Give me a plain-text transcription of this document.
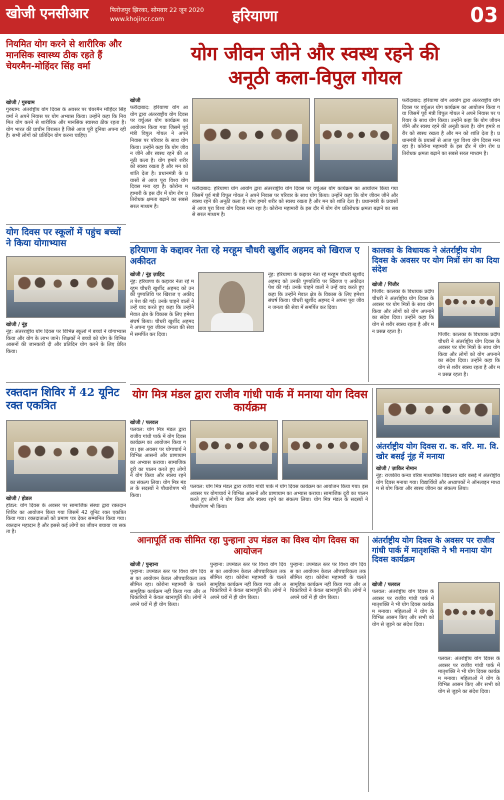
खोजी एनसीआर	फिरोजपुर झिरका, सोमवार 22 जून 2020
www.khojincr.com	हरियाणा	03
योग जीवन जीने और स्वस्थ रहने की
अनूठी कला-विपुल गोयल
खोजी
फरीदाबाद: हरियाणा योग आयोग द्वारा अंतरराष्ट्रीय योग दिवस पर वर्चुअल योग कार्यक्रम का आयोजन किया गया जिसमें पूर्व मंत्री विपुल गोयल ने अपने निवास पर परिवार के साथ योग किया। उन्होंने कहा कि योग जीवन जीने और स्वस्थ रहने की अनूठी कला है। योग हमारे शरीर को स्वस्थ रखता है और मन को शांति देता है। प्रधानमंत्री के प्रयासों से आज पूरा विश्व योग दिवस मना रहा है। कोरोना महामारी के इस दौर में योग रोग प्रतिरोधक क्षमता बढ़ाने का सबसे सरल माध्यम है।
फरीदाबाद: हरियाणा योग आयोग द्वारा अंतरराष्ट्रीय योग दिवस पर वर्चुअल योग कार्यक्रम का आयोजन किया गया जिसमें पूर्व मंत्री विपुल गोयल ने अपने निवास पर परिवार के साथ योग किया। उन्होंने कहा कि योग जीवन जीने और स्वस्थ रहने की अनूठी कला है। योग हमारे शरीर को स्वस्थ रखता है और मन को शांति देता है। प्रधानमंत्री के प्रयासों से आज पूरा विश्व योग दिवस मना रहा है। कोरोना महामारी के इस दौर में योग रोग प्रतिरोधक क्षमता बढ़ाने का सबसे सरल माध्यम है।
फरीदाबाद: हरियाणा योग आयोग द्वारा अंतरराष्ट्रीय योग दिवस पर वर्चुअल योग कार्यक्रम का आयोजन किया गया जिसमें पूर्व मंत्री विपुल गोयल ने अपने निवास पर परिवार के साथ योग किया। उन्होंने कहा कि योग जीवन जीने और स्वस्थ रहने की अनूठी कला है। योग हमारे शरीर को स्वस्थ रखता है और मन को शांति देता है। प्रधानमंत्री के प्रयासों से आज पूरा विश्व योग दिवस मना रहा है। कोरोना महामारी के इस दौर में योग रोग प्रतिरोधक क्षमता बढ़ाने का सबसे सरल माध्यम है।
नियमित योग करने से शारीरिक और मानसिक स्वास्थ्य ठीक रहते हैं चेयरमैन-मोहिंदर सिंह वर्मा
खोजी / गुरुग्राम
गुरुग्राम: अंतर्राष्ट्रीय योग दिवस के अवसर पर चेयरमैन मोहिंदर सिंह वर्मा ने अपने निवास पर योग अभ्यास किया। उन्होंने कहा कि नियमित योग करने से शारीरिक और मानसिक स्वास्थ्य ठीक रहता है। योग भारत की प्राचीन विरासत है जिसे आज पूरी दुनिया अपना रही है। सभी लोगों को प्रतिदिन योग करना चाहिए।
योग दिवस पर स्कूलों में पहुंच बच्चों ने किया योगाभ्यास
खोजी / नूंह
नूंह: अंतरराष्ट्रीय योग दिवस पर विभिन्न स्कूलों में बच्चों ने योगाभ्यास किया और योग के लाभ जाने। शिक्षकों ने बच्चों को योग के विभिन्न आसनों की जानकारी दी और प्रतिदिन योग करने के लिए प्रेरित किया।
रक्तदान शिविर में 42 यूनिट रक्त एकत्रित
खोजी / होडल
होडल: योग दिवस के अवसर पर सामाजिक संस्था द्वारा रक्तदान शिविर का आयोजन किया गया जिसमें 42 यूनिट रक्त एकत्रित किया गया। रक्तदाताओं को प्रमाण पत्र देकर सम्मानित किया गया। रक्तदान महादान है और इससे कई लोगों का जीवन बचाया जा सकता है।
हरियाणा के कद्दावर नेता रहे मरहूम चौधरी खुर्शीद अहमद को खिराज ए अकीदत
खोजी / नूंह ज़ाहिद
नूंह: हरियाणा के कद्दावर नेता रहे मरहूम चौधरी खुर्शीद अहमद को उनकी पुण्यतिथि पर खिराज ए अकीदत पेश की गई। उनके चाहने वालों ने उन्हें याद करते हुए कहा कि उन्होंने मेवात क्षेत्र के विकास के लिए हमेशा संघर्ष किया। चौधरी खुर्शीद अहमद ने अपना पूरा जीवन जनता की सेवा में समर्पित कर दिया।
नूंह: हरियाणा के कद्दावर नेता रहे मरहूम चौधरी खुर्शीद अहमद को उनकी पुण्यतिथि पर खिराज ए अकीदत पेश की गई। उनके चाहने वालों ने उन्हें याद करते हुए कहा कि उन्होंने मेवात क्षेत्र के विकास के लिए हमेशा संघर्ष किया। चौधरी खुर्शीद अहमद ने अपना पूरा जीवन जनता की सेवा में समर्पित कर दिया।
कालका के विधायक ने अंतर्राष्ट्रीय योग दिवस के अवसर पर योग मित्रों संग का दिया संदेश
खोजी / पिंजौर
पिंजौर: कालका के विधायक प्रदीप चौधरी ने अंतर्राष्ट्रीय योग दिवस के अवसर पर योग मित्रों के साथ योग किया और लोगों को योग अपनाने का संदेश दिया। उन्होंने कहा कि योग से शरीर स्वस्थ रहता है और मन प्रसन्न रहता है।
पिंजौर: कालका के विधायक प्रदीप चौधरी ने अंतर्राष्ट्रीय योग दिवस के अवसर पर योग मित्रों के साथ योग किया और लोगों को योग अपनाने का संदेश दिया। उन्होंने कहा कि योग से शरीर स्वस्थ रहता है और मन प्रसन्न रहता है।
योग मित्र मंडल द्वारा राजीव गांधी पार्क में मनाया योग दिवस कार्यक्रम
खोजी / पलवल
पलवल: योग मित्र मंडल द्वारा राजीव गांधी पार्क में योग दिवस कार्यक्रम का आयोजन किया गया। इस अवसर पर योगाचार्य ने विभिन्न आसनों और प्राणायाम का अभ्यास कराया। सामाजिक दूरी का पालन करते हुए लोगों ने योग किया और स्वस्थ रहने का संकल्प लिया। योग मित्र मंडल के सदस्यों ने पौधारोपण भी किया।
पलवल: योग मित्र मंडल द्वारा राजीव गांधी पार्क में योग दिवस कार्यक्रम का आयोजन किया गया। इस अवसर पर योगाचार्य ने विभिन्न आसनों और प्राणायाम का अभ्यास कराया। सामाजिक दूरी का पालन करते हुए लोगों ने योग किया और स्वस्थ रहने का संकल्प लिया। योग मित्र मंडल के सदस्यों ने पौधारोपण भी किया।
अंतर्राष्ट्रीय योग दिवस रा. क. वरि. मा. वि. खोर बसई नूंह में मनाया
खोजी / ज़ाकिर नोमान
नूंह: राजकीय कन्या वरिष्ठ माध्यमिक विद्यालय खोर बसई में अंतर्राष्ट्रीय योग दिवस मनाया गया। विद्यार्थियों और अध्यापकों ने ऑनलाइन माध्यम से योग किया और स्वस्थ जीवन का संकल्प लिया।
आनापूर्ति तक सीमित रहा पुन्हाना उप मंडल का विश्व योग दिवस का आयोजन
खोजी / पुन्हाना
पुन्हाना: उपमंडल स्तर पर विश्व योग दिवस का आयोजन केवल औपचारिकता तक सीमित रहा। कोरोना महामारी के चलते सामूहिक कार्यक्रम नहीं किया गया और अधिकारियों ने केवल खानापूर्ति की। लोगों ने अपने घरों में ही योग किया।
पुन्हाना: उपमंडल स्तर पर विश्व योग दिवस का आयोजन केवल औपचारिकता तक सीमित रहा। कोरोना महामारी के चलते सामूहिक कार्यक्रम नहीं किया गया और अधिकारियों ने केवल खानापूर्ति की। लोगों ने अपने घरों में ही योग किया।
पुन्हाना: उपमंडल स्तर पर विश्व योग दिवस का आयोजन केवल औपचारिकता तक सीमित रहा। कोरोना महामारी के चलते सामूहिक कार्यक्रम नहीं किया गया और अधिकारियों ने केवल खानापूर्ति की। लोगों ने अपने घरों में ही योग किया।
अंतर्राष्ट्रीय योग दिवस के अवसर पर राजीव गांधी पार्क में मातृशक्ति ने भी मनाया योग दिवस कार्यक्रम
खोजी / पलवल
पलवल: अंतर्राष्ट्रीय योग दिवस के अवसर पर राजीव गांधी पार्क में मातृशक्ति ने भी योग दिवस कार्यक्रम मनाया। महिलाओं ने योग के विभिन्न आसन किए और सभी को योग से जुड़ने का संदेश दिया।
पलवल: अंतर्राष्ट्रीय योग दिवस के अवसर पर राजीव गांधी पार्क में मातृशक्ति ने भी योग दिवस कार्यक्रम मनाया। महिलाओं ने योग के विभिन्न आसन किए और सभी को योग से जुड़ने का संदेश दिया।
